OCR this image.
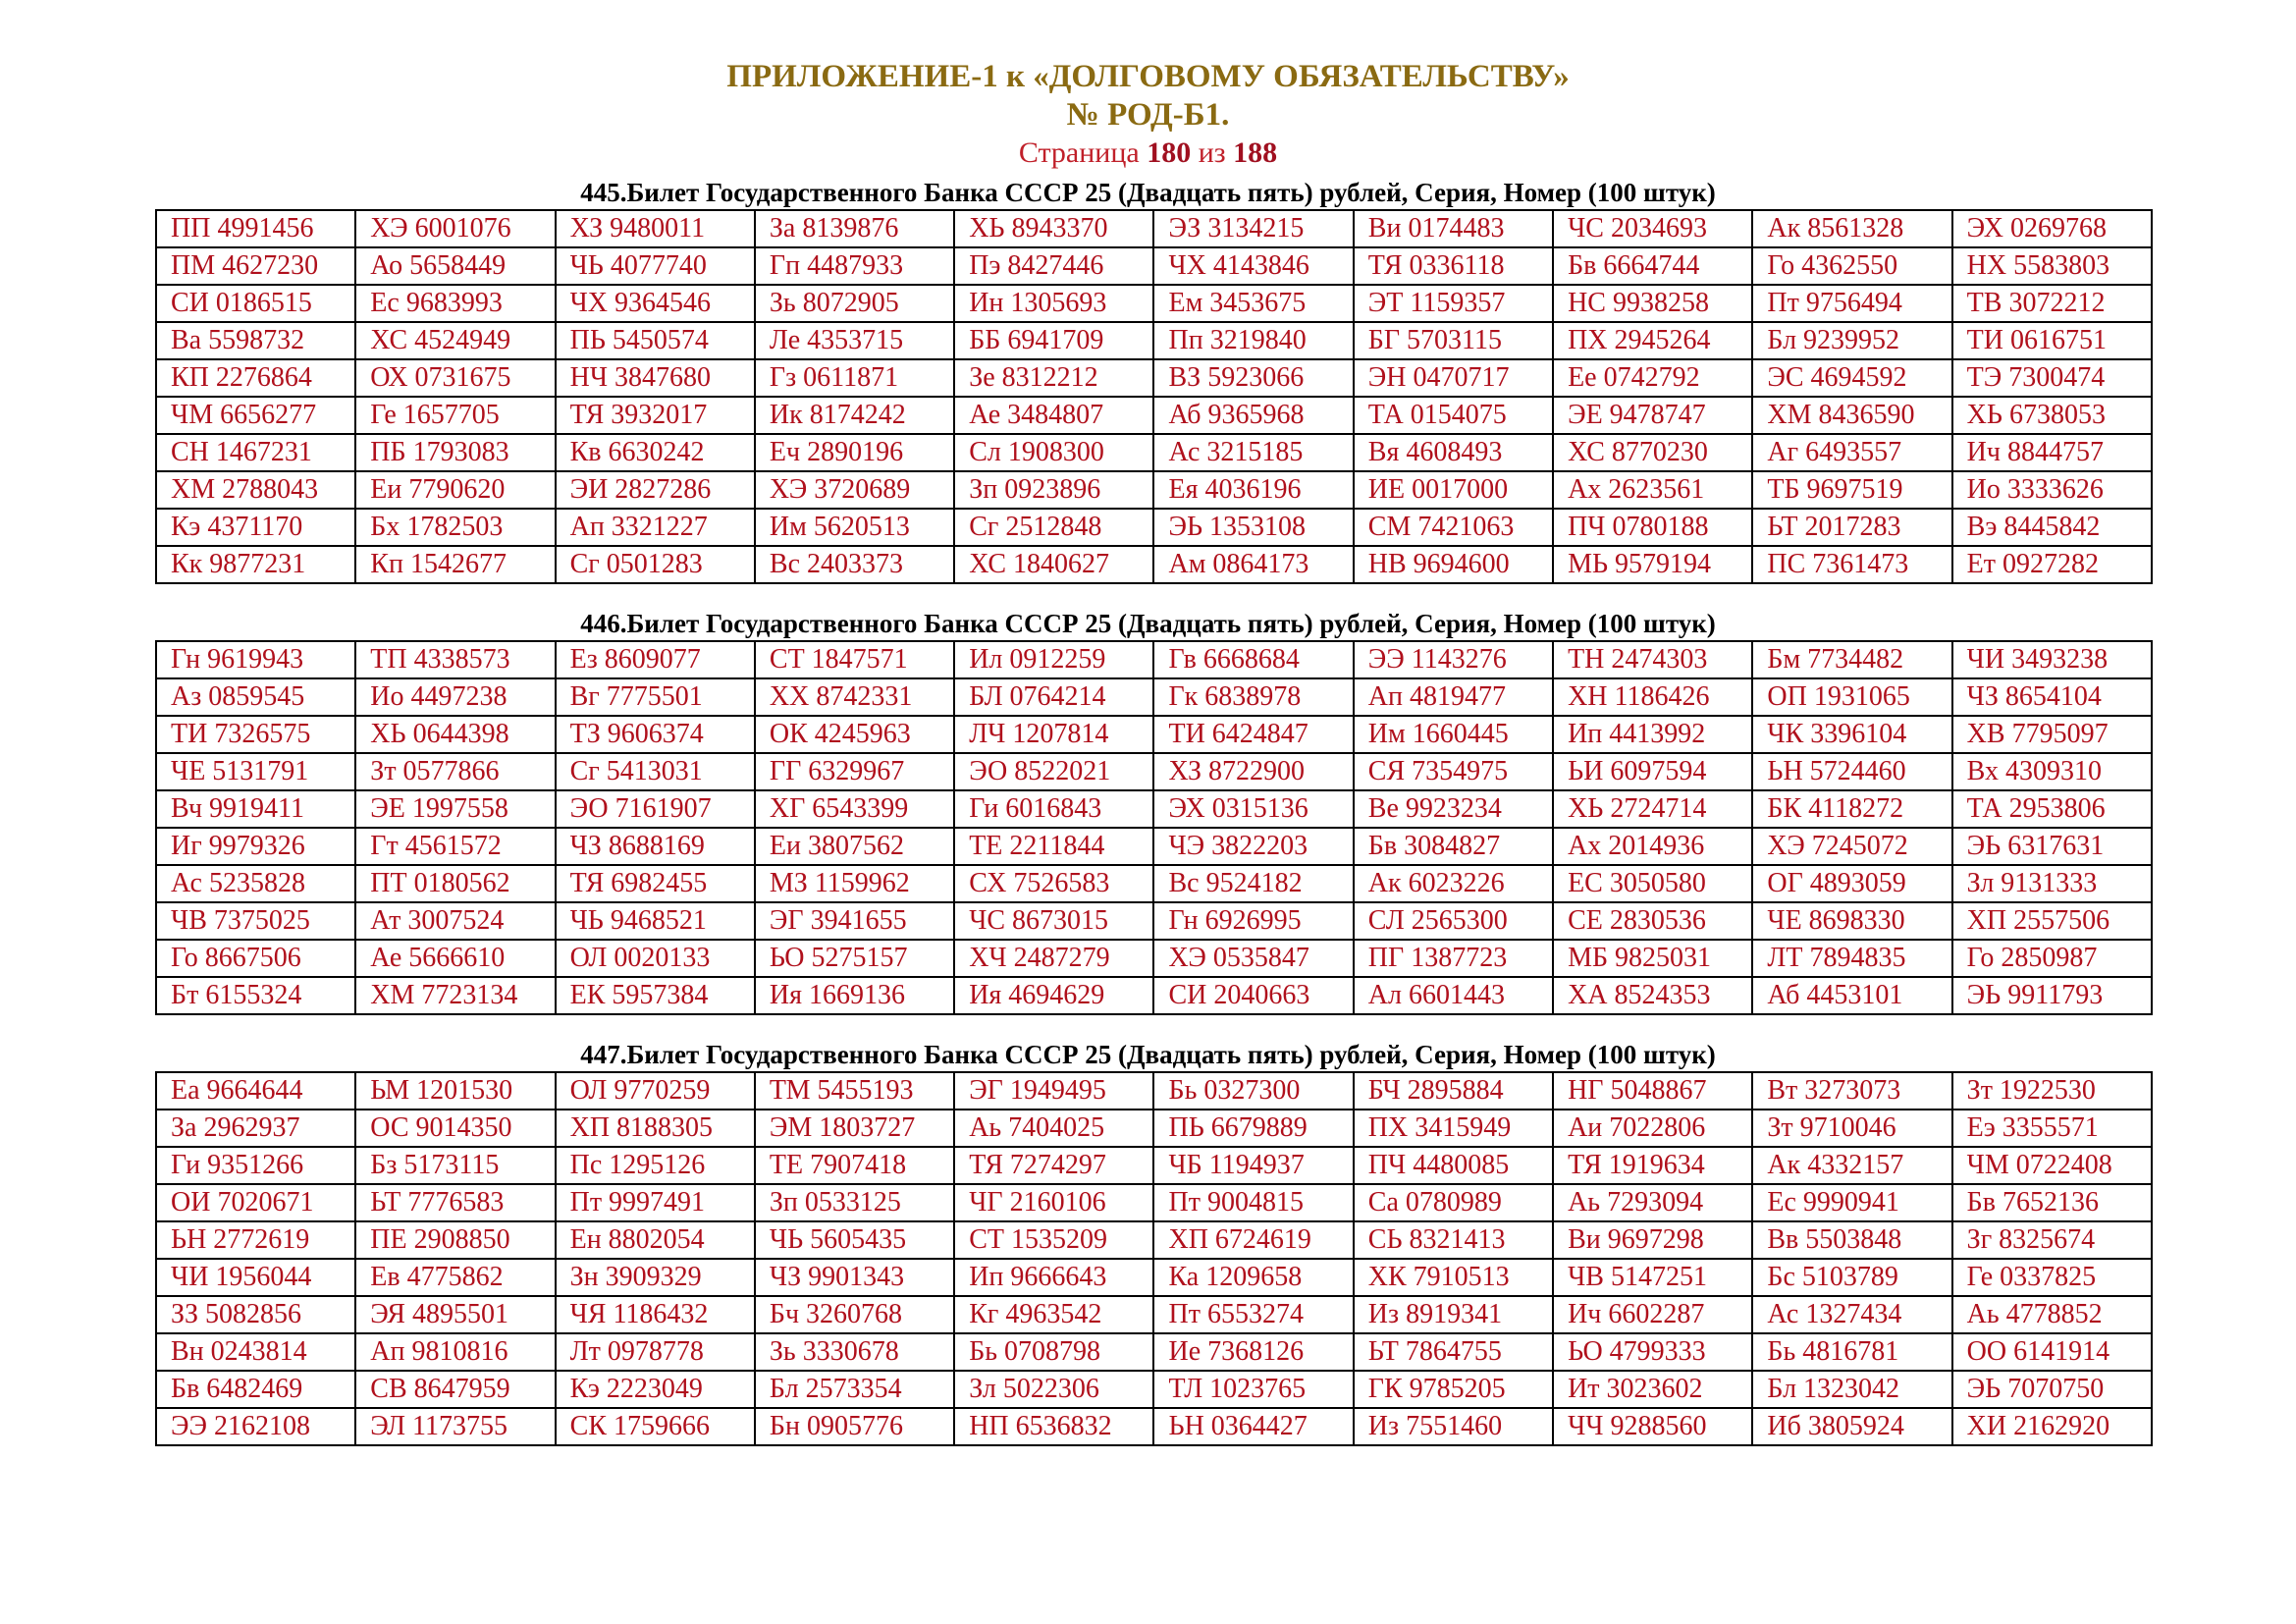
ПРИЛОЖЕНИЕ-1 к «ДОЛГОВОМУ ОБЯЗАТЕЛЬСТВУ»
№ РОД-Б1.
Страница 180 из 188
445.Билет Государственного Банка СССР 25 (Двадцать пять) рублей, Серия, Номер (100 штук)
ПП 4991456	ХЭ 6001076	ХЗ 9480011	За 8139876	ХЬ 8943370	ЭЗ 3134215	Ви 0174483	ЧС 2034693	Ак 8561328	ЭХ 0269768
ПМ 4627230	Ао 5658449	ЧЬ 4077740	Гп 4487933	Пэ 8427446	ЧХ 4143846	ТЯ 0336118	Бв 6664744	Го 4362550	НХ 5583803
СИ 0186515	Ес 9683993	ЧХ 9364546	Зь 8072905	Ин 1305693	Ем 3453675	ЭТ 1159357	НС 9938258	Пт 9756494	ТВ 3072212
Ва 5598732	ХС 4524949	ПЬ 5450574	Ле 4353715	ББ 6941709	Пп 3219840	БГ 5703115	ПХ 2945264	Бл 9239952	ТИ 0616751
КП 2276864	ОХ 0731675	НЧ 3847680	Гз 0611871	Зе 8312212	ВЗ 5923066	ЭН 0470717	Ее 0742792	ЭС 4694592	ТЭ 7300474
ЧМ 6656277	Ге 1657705	ТЯ 3932017	Ик 8174242	Ае 3484807	Аб 9365968	ТА 0154075	ЭЕ 9478747	ХМ 8436590	ХЬ 6738053
СН 1467231	ПБ 1793083	Кв 6630242	Еч 2890196	Сл 1908300	Ас 3215185	Вя 4608493	ХС 8770230	Аг 6493557	Ич 8844757
ХМ 2788043	Еи 7790620	ЭИ 2827286	ХЭ 3720689	Зп 0923896	Ея 4036196	ИЕ 0017000	Ах 2623561	ТБ 9697519	Ио 3333626
Кэ 4371170	Бх 1782503	Ап 3321227	Им 5620513	Сг 2512848	ЭЬ 1353108	СМ 7421063	ПЧ 0780188	ЬТ 2017283	Вэ 8445842
Кк 9877231	Кп 1542677	Сг 0501283	Вс 2403373	ХС 1840627	Ам 0864173	НВ 9694600	МЬ 9579194	ПС 7361473	Ет 0927282
446.Билет Государственного Банка СССР 25 (Двадцать пять) рублей, Серия, Номер (100 штук)
Гн 9619943	ТП 4338573	Ез 8609077	СТ 1847571	Ил 0912259	Гв 6668684	ЭЭ 1143276	ТН 2474303	Бм 7734482	ЧИ 3493238
Аз 0859545	Ио 4497238	Вг 7775501	ХХ 8742331	БЛ 0764214	Гк 6838978	Ап 4819477	ХН 1186426	ОП 1931065	ЧЗ 8654104
ТИ 7326575	ХЬ 0644398	ТЗ 9606374	ОК 4245963	ЛЧ 1207814	ТИ 6424847	Им 1660445	Ип 4413992	ЧК 3396104	ХВ 7795097
ЧЕ 5131791	Зт 0577866	Сг 5413031	ГГ 6329967	ЭО 8522021	ХЗ 8722900	СЯ 7354975	ЬИ 6097594	ЬН 5724460	Вх 4309310
Вч 9919411	ЭЕ 1997558	ЭО 7161907	ХГ 6543399	Ги 6016843	ЭХ 0315136	Ве 9923234	ХЬ 2724714	БК 4118272	ТА 2953806
Иг 9979326	Гт 4561572	ЧЗ 8688169	Еи 3807562	ТЕ 2211844	ЧЭ 3822203	Бв 3084827	Ах 2014936	ХЭ 7245072	ЭЬ 6317631
Ас 5235828	ПТ 0180562	ТЯ 6982455	МЗ 1159962	СХ 7526583	Вс 9524182	Ак 6023226	ЕС 3050580	ОГ 4893059	Зл 9131333
ЧВ 7375025	Ат 3007524	ЧЬ 9468521	ЭГ 3941655	ЧС 8673015	Гн 6926995	СЛ 2565300	СЕ 2830536	ЧЕ 8698330	ХП 2557506
Го 8667506	Ае 5666610	ОЛ 0020133	ЬО 5275157	ХЧ 2487279	ХЭ 0535847	ПГ 1387723	МБ 9825031	ЛТ 7894835	Го 2850987
Бт 6155324	ХМ 7723134	ЕК 5957384	Ия 1669136	Ия 4694629	СИ 2040663	Ал 6601443	ХА 8524353	Аб 4453101	ЭЬ 9911793
447.Билет Государственного Банка СССР 25 (Двадцать пять) рублей, Серия, Номер (100 штук)
Еа 9664644	ЬМ 1201530	ОЛ 9770259	ТМ 5455193	ЭГ 1949495	Бь 0327300	БЧ 2895884	НГ 5048867	Вт 3273073	Зт 1922530
За 2962937	ОС 9014350	ХП 8188305	ЭМ 1803727	Аь 7404025	ПЬ 6679889	ПХ 3415949	Аи 7022806	Зт 9710046	Еэ 3355571
Ги 9351266	Бз 5173115	Пс 1295126	ТЕ 7907418	ТЯ 7274297	ЧБ 1194937	ПЧ 4480085	ТЯ 1919634	Ак 4332157	ЧМ 0722408
ОИ 7020671	ЬТ 7776583	Пт 9997491	Зп 0533125	ЧГ 2160106	Пт 9004815	Са 0780989	Аь 7293094	Ес 9990941	Бв 7652136
ЬН 2772619	ПЕ 2908850	Ен 8802054	ЧЬ 5605435	СТ 1535209	ХП 6724619	СЬ 8321413	Ви 9697298	Вв 5503848	Зг 8325674
ЧИ 1956044	Ев 4775862	Зн 3909329	ЧЗ 9901343	Ип 9666643	Ка 1209658	ХК 7910513	ЧВ 5147251	Бс 5103789	Ге 0337825
ЗЗ 5082856	ЭЯ 4895501	ЧЯ 1186432	Бч 3260768	Кг 4963542	Пт 6553274	Из 8919341	Ич 6602287	Ас 1327434	Аь 4778852
Вн 0243814	Ап 9810816	Лт 0978778	Зь 3330678	Бь 0708798	Ие 7368126	ЬТ 7864755	ЬО 4799333	Бь 4816781	ОО 6141914
Бв 6482469	СВ 8647959	Кэ 2223049	Бл 2573354	Зл 5022306	ТЛ 1023765	ГК 9785205	Ит 3023602	Бл 1323042	ЭЬ 7070750
ЭЭ 2162108	ЭЛ 1173755	СК 1759666	Бн 0905776	НП 6536832	ЬН 0364427	Из 7551460	ЧЧ 9288560	Иб 3805924	ХИ 2162920
